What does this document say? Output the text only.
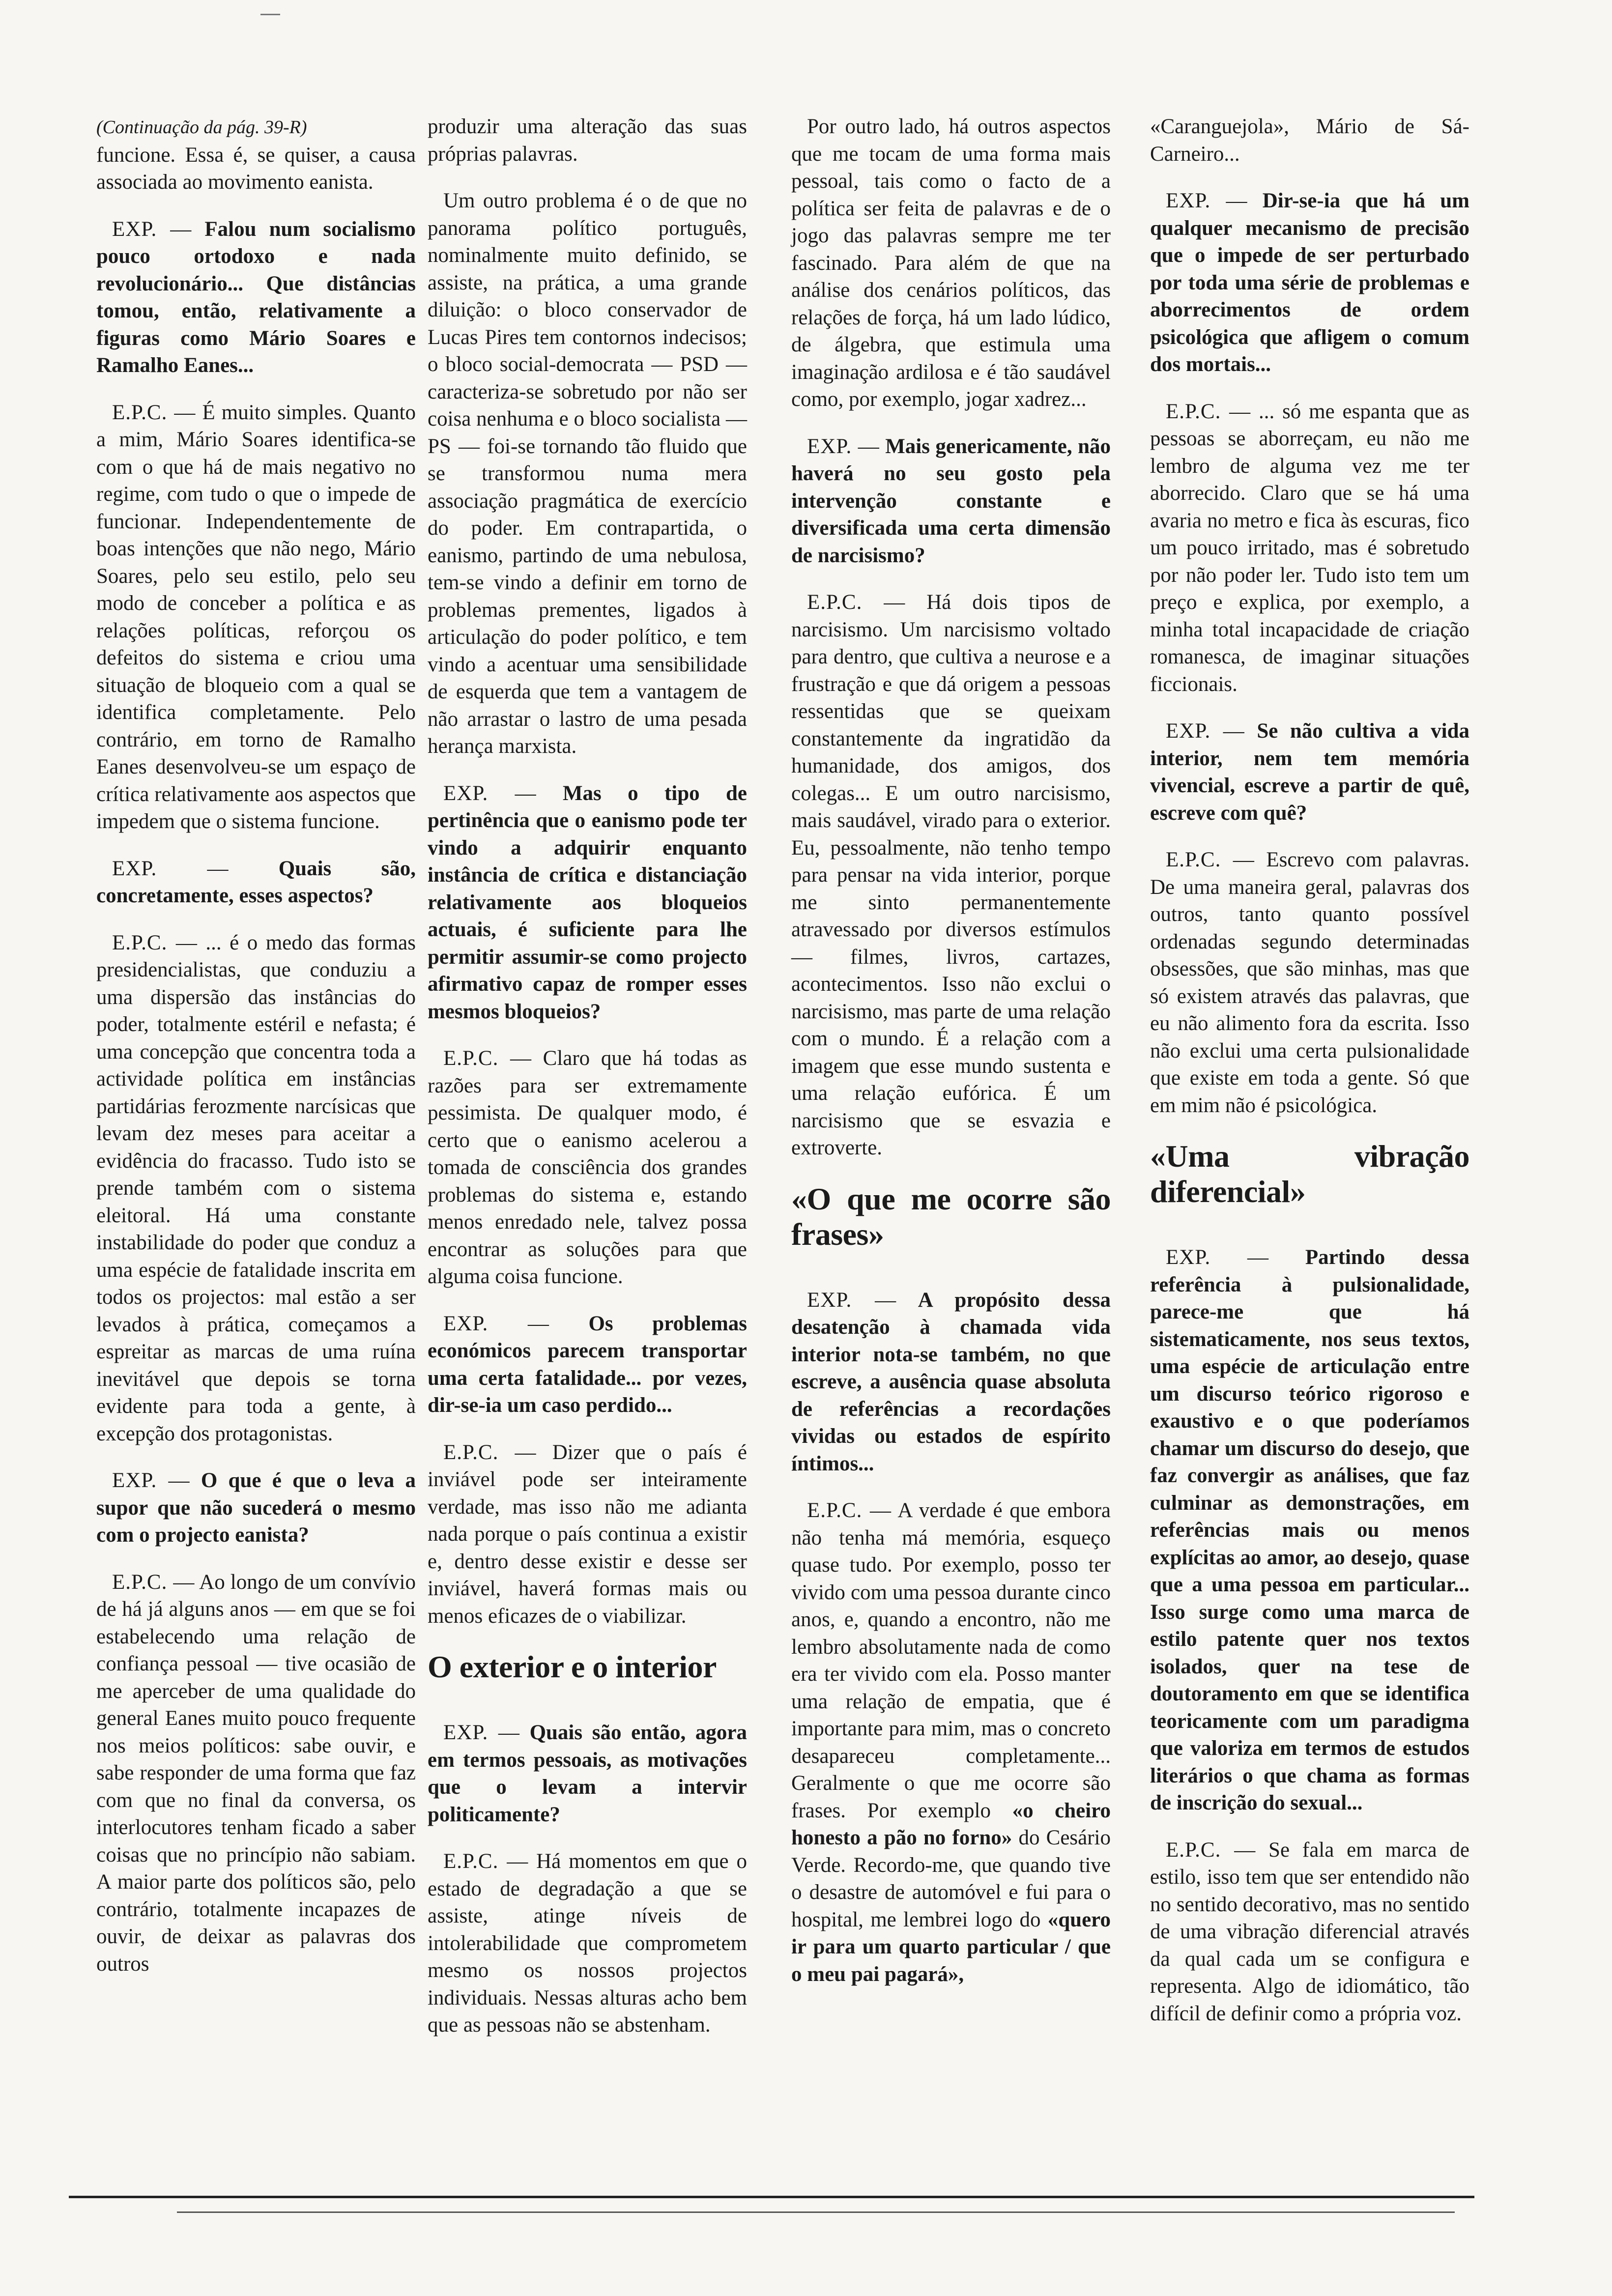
(Continuação da pág. 39-R)
funcione. Essa é, se quiser, a causa associada ao movimento eanista.

EXP. — Falou num socialismo pouco ortodoxo e nada revolucionário... Que distâncias tomou, então, relativamente a figuras como Mário Soares e Ramalho Eanes...

E.P.C. — É muito simples. Quanto a mim, Mário Soares identifica-se com o que há de mais negativo no regime, com tudo o que o impede de funcionar. Independentemente de boas intenções que não nego, Mário Soares, pelo seu estilo, pelo seu modo de conceber a política e as relações políticas, reforçou os defeitos do sistema e criou uma situação de bloqueio com a qual se identifica completamente. Pelo contrário, em torno de Ramalho Eanes desenvolveu-se um espaço de crítica relativamente aos aspectos que impedem que o sistema funcione.

EXP. — Quais são, concretamente, esses aspectos?

E.P.C. — ... é o medo das formas presidencialistas, que conduziu a uma dispersão das instâncias do poder, totalmente estéril e nefasta; é uma concepção que concentra toda a actividade política em instâncias partidárias ferozmente narcísicas que levam dez meses para aceitar a evidência do fracasso. Tudo isto se prende também com o sistema eleitoral. Há uma constante instabilidade do poder que conduz a uma espécie de fatalidade inscrita em todos os projectos: mal estão a ser levados à prática, começamos a espreitar as marcas de uma ruína inevitável que depois se torna evidente para toda a gente, à excepção dos protagonistas.

EXP. — O que é que o leva a supor que não sucederá o mesmo com o projecto eanista?

E.P.C. — Ao longo de um convívio de há já alguns anos — em que se foi estabelecendo uma relação de confiança pessoal — tive ocasião de me aperceber de uma qualidade do general Eanes muito pouco frequente nos meios políticos: sabe ouvir, e sabe responder de uma forma que faz com que no final da conversa, os interlocutores tenham ficado a saber coisas que no princípio não sabiam. A maior parte dos políticos são, pelo contrário, totalmente incapazes de ouvir, de deixar as palavras dos outros

produzir uma alteração das suas próprias palavras.

Um outro problema é o de que no panorama político português, nominalmente muito definido, se assiste, na prática, a uma grande diluição: o bloco conservador de Lucas Pires tem contornos indecisos; o bloco social-democrata — PSD — caracteriza-se sobretudo por não ser coisa nenhuma e o bloco socialista — PS — foi-se tornando tão fluido que se transformou numa mera associação pragmática de exercício do poder. Em contrapartida, o eanismo, partindo de uma nebulosa, tem-se vindo a definir em torno de problemas prementes, ligados à articulação do poder político, e tem vindo a acentuar uma sensibilidade de esquerda que tem a vantagem de não arrastar o lastro de uma pesada herança marxista.

EXP. — Mas o tipo de pertinência que o eanismo pode ter vindo a adquirir enquanto instância de crítica e distanciação relativamente aos bloqueios actuais, é suficiente para lhe permitir assumir-se como projecto afirmativo capaz de romper esses mesmos bloqueios?

E.P.C. — Claro que há todas as razões para ser extremamente pessimista. De qualquer modo, é certo que o eanismo acelerou a tomada de consciência dos grandes problemas do sistema e, estando menos enredado nele, talvez possa encontrar as soluções para que alguma coisa funcione.

EXP. — Os problemas económicos parecem transportar uma certa fatalidade... por vezes, dir-se-ia um caso perdido...

E.P.C. — Dizer que o país é inviável pode ser inteiramente verdade, mas isso não me adianta nada porque o país continua a existir e, dentro desse existir e desse ser inviável, haverá formas mais ou menos eficazes de o viabilizar.

O exterior e o interior

EXP. — Quais são então, agora em termos pessoais, as motivações que o levam a intervir politicamente?

E.P.C. — Há momentos em que o estado de degradação a que se assiste, atinge níveis de intolerabilidade que comprometem mesmo os nossos projectos individuais. Nessas alturas acho bem que as pessoas não se abstenham.

Por outro lado, há outros aspectos que me tocam de uma forma mais pessoal, tais como o facto de a política ser feita de palavras e de o jogo das palavras sempre me ter fascinado. Para além de que na análise dos cenários políticos, das relações de força, há um lado lúdico, de álgebra, que estimula uma imaginação ardilosa e é tão saudável como, por exemplo, jogar xadrez...

EXP. — Mais genericamente, não haverá no seu gosto pela intervenção constante e diversificada uma certa dimensão de narcisismo?

E.P.C. — Há dois tipos de narcisismo. Um narcisismo voltado para dentro, que cultiva a neurose e a frustração e que dá origem a pessoas ressentidas que se queixam constantemente da ingratidão da humanidade, dos amigos, dos colegas... E um outro narcisismo, mais saudável, virado para o exterior. Eu, pessoalmente, não tenho tempo para pensar na vida interior, porque me sinto permanentemente atravessado por diversos estímulos — filmes, livros, cartazes, acontecimentos. Isso não exclui o narcisismo, mas parte de uma relação com o mundo. É a relação com a imagem que esse mundo sustenta e uma relação eufórica. É um narcisismo que se esvazia e extroverte.

«O que me ocorre são frases»

EXP. — A propósito dessa desatenção à chamada vida interior nota-se também, no que escreve, a ausência quase absoluta de referências a recordações vividas ou estados de espírito íntimos...

E.P.C. — A verdade é que embora não tenha má memória, esqueço quase tudo. Por exemplo, posso ter vivido com uma pessoa durante cinco anos, e, quando a encontro, não me lembro absolutamente nada de como era ter vivido com ela. Posso manter uma relação de empatia, que é importante para mim, mas o concreto desapareceu completamente... Geralmente o que me ocorre são frases. Por exemplo «o cheiro honesto a pão no forno» do Cesário Verde. Recordo-me, que quando tive o desastre de automóvel e fui para o hospital, me lembrei logo do «quero ir para um quarto particular / que o meu pai pagará»,

«Caranguejola», Mário de Sá-Carneiro...

EXP. — Dir-se-ia que há um qualquer mecanismo de precisão que o impede de ser perturbado por toda uma série de problemas e aborrecimentos de ordem psicológica que afligem o comum dos mortais...

E.P.C. — ... só me espanta que as pessoas se aborreçam, eu não me lembro de alguma vez me ter aborrecido. Claro que se há uma avaria no metro e fica às escuras, fico um pouco irritado, mas é sobretudo por não poder ler. Tudo isto tem um preço e explica, por exemplo, a minha total incapacidade de criação romanesca, de imaginar situações ficcionais.

EXP. — Se não cultiva a vida interior, nem tem memória vivencial, escreve a partir de quê, escreve com quê?

E.P.C. — Escrevo com palavras. De uma maneira geral, palavras dos outros, tanto quanto possível ordenadas segundo determinadas obsessões, que são minhas, mas que só existem através das palavras, que eu não alimento fora da escrita. Isso não exclui uma certa pulsionalidade que existe em toda a gente. Só que em mim não é psicológica.

«Uma vibração diferencial»

EXP. — Partindo dessa referência à pulsionalidade, parece-me que há sistematicamente, nos seus textos, uma espécie de articulação entre um discurso teórico rigoroso e exaustivo e o que poderíamos chamar um discurso do desejo, que faz convergir as análises, que faz culminar as demonstrações, em referências mais ou menos explícitas ao amor, ao desejo, quase que a uma pessoa em particular... Isso surge como uma marca de estilo patente quer nos textos isolados, quer na tese de doutoramento em que se identifica teoricamente com um paradigma que valoriza em termos de estudos literários o que chama as formas de inscrição do sexual...

E.P.C. — Se fala em marca de estilo, isso tem que ser entendido não no sentido decorativo, mas no sentido de uma vibração diferencial através da qual cada um se configura e representa. Algo de idiomático, tão difícil de definir como a própria voz.
